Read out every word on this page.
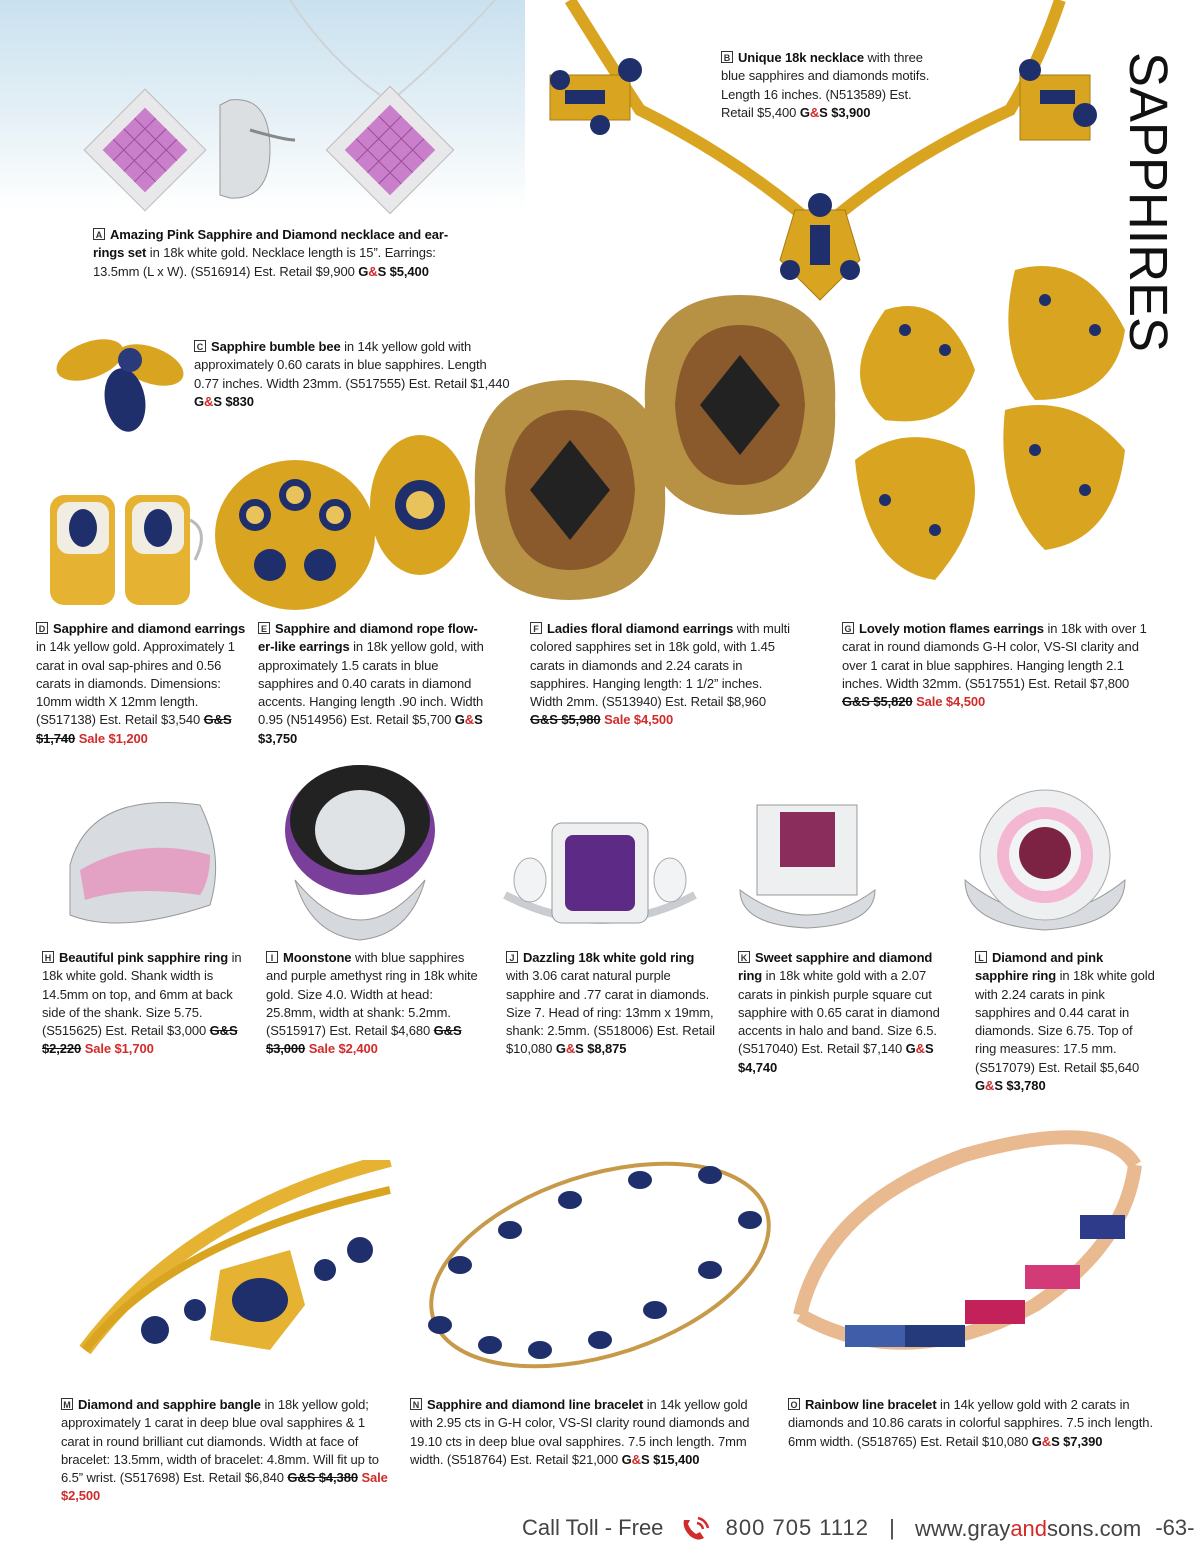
SAPPHIRES
A Amazing Pink Sapphire and Diamond necklace and ear-rings set in 18k white gold. Necklace length is 15”. Earrings: 13.5mm (L x W). (S516914) Est. Retail $9,900 G&S $5,400
B Unique 18k necklace with three blue sapphires and diamonds motifs. Length 16 inches. (N513589) Est. Retail $5,400 G&S $3,900
C Sapphire bumble bee in 14k yellow gold with approximately 0.60 carats in blue sapphires. Length 0.77 inches. Width 23mm. (S517555) Est. Retail $1,440 G&S $830
D Sapphire and diamond earrings in 14k yellow gold. Approximately 1 carat in oval sap-phires and 0.56 carats in diamonds. Dimensions: 10mm width X 12mm length. (S517138) Est. Retail $3,540 G&S $1,740 Sale $1,200
E Sapphire and diamond rope flow-er-like earrings in 18k yellow gold, with approximately 1.5 carats in blue sapphires and 0.40 carats in diamond accents. Hanging length .90 inch. Width 0.95 (N514956) Est. Retail $5,700 G&S $3,750
F Ladies floral diamond earrings with multi colored sapphires set in 18k gold, with 1.45 carats in diamonds and 2.24 carats in sapphires. Hanging length: 1 1/2” inches. Width 2mm. (S513940) Est. Retail $8,960 G&S $5,980 Sale $4,500
G Lovely motion flames earrings in 18k with over 1 carat in round diamonds G-H color, VS-SI clarity and over 1 carat in blue sapphires. Hanging length 2.1 inches. Width 32mm. (S517551) Est. Retail $7,800 G&S $5,820 Sale $4,500
H Beautiful pink sapphire ring in 18k white gold. Shank width is 14.5mm on top, and 6mm at back side of the shank. Size 5.75. (S515625) Est. Retail $3,000 G&S $2,220 Sale $1,700
I Moonstone with blue sapphires and purple amethyst ring in 18k white gold. Size 4.0. Width at head: 25.8mm, width at shank: 5.2mm. (S515917) Est. Retail $4,680 G&S $3,000 Sale $2,400
J Dazzling 18k white gold ring with 3.06 carat natural purple sapphire and .77 carat in diamonds. Size 7. Head of ring: 13mm x 19mm, shank: 2.5mm. (S518006) Est. Retail $10,080 G&S $8,875
K Sweet sapphire and diamond ring in 18k white gold with a 2.07 carats in pinkish purple square cut sapphire with 0.65 carat in diamond accents in halo and band. Size 6.5. (S517040) Est. Retail $7,140 G&S $4,740
L Diamond and pink sapphire ring in 18k white gold with 2.24 carats in pink sapphires and 0.44 carat in diamonds. Size 6.75. Top of ring measures: 17.5 mm. (S517079) Est. Retail $5,640 G&S $3,780
M Diamond and sapphire bangle in 18k yellow gold; approximately 1 carat in deep blue oval sapphires & 1 carat in round brilliant cut diamonds. Width at face of bracelet: 13.5mm, width of bracelet: 4.8mm. Will fit up to 6.5” wrist. (S517698) Est. Retail $6,840 G&S $4,380 Sale $2,500
N Sapphire and diamond line bracelet in 14k yellow gold with 2.95 cts in G-H color, VS-SI clarity round diamonds and 19.10 cts in deep blue oval sapphires. 7.5 inch length. 7mm width. (S518764) Est. Retail $21,000 G&S $15,400
O Rainbow line bracelet in 14k yellow gold with 2 carats in diamonds and 10.86 carats in colorful sapphires. 7.5 inch length. 6mm width. (S518765) Est. Retail $10,080 G&S $7,390
Call Toll - Free	800 705 1112 | www.grayandsons.com -63-
